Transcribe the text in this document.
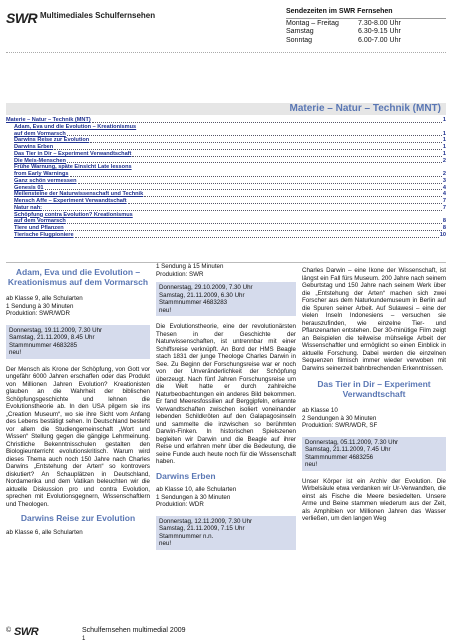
SWR Multimediales Schulfernsehen	Sendezeiten im SWR Fernsehen
Montag – Freitag	7.30-8.00 Uhr
Samstag	6.30-9.15 Uhr
Sonntag	6.00-7.00 Uhr
Materie – Natur – Technik (MNT)
Materie – Natur – Technik (MNT)	1
Adam, Eva und die Evolution – Kreationismus
auf dem Vormarsch	1
Darwins Reise zur Evolution	1
Darwins Erben	1
Das Tier in Dir – Experiment Verwandtschaft	1
Die Meis-Menschen	2
Frühe Warnung, späte Einsicht Late lessons
from Early Warnings	2
Ganz schön vermessen	3
Genesis 01	4
Meilensteine der Naturwissenschaft und Technik	4
Mensch Affe – Experiment Verwandtschaft	7
Natur nah:	7
Schöpfung contra Evolution? Kreationismus
auf dem Vormarsch	8
Tiere und Pflanzen	8
Tierische Flugpioniere	10
Adam, Eva und die Evolution – Kreationismus auf dem Vormarsch

ab Klasse 9, alle Schularten
1 Sendung à 30 Minuten
Produktion: SWR/WDR

Donnerstag, 19.11.2009, 7.30 Uhr
Samstag, 21.11.2009, 8.45 Uhr
Stammnummer 4683285
neu!

Der Mensch als Krone der Schöpfung, von Gott vor ungefähr 6000 Jahren erschaffen oder das Produkt von Millionen Jahren Evolution? Kreationisten glauben an die Wahrheit der biblischen Schöpfungsgeschichte und lehnen die Evolutionstheorie ab. In den USA pilgern sie ins „Creation Museum“, wo sie ihre Sicht vom Anfang des Lebens bestätigt sehen. In Deutschland besteht vor allem die Studiengemeinschaft „Wort und Wissen“ Stellung gegen die gängige Lehrmeinung. Christliche Bekenntnisschulen gestalten den Biologieunterricht evolutionskritisch. Warum wird dieses Thema auch noch 150 Jahre nach Charles Darwins „Entstehung der Arten“ so kontrovers diskutiert? An Schauplätzen in Deutschland, Nordamerika und dem Vatikan beleuchten wir die aktuelle Diskussion pro und contra Evolution, sprechen mit Evolutionsgegnern, Wissenschaftlern und Theologen.

Darwins Reise zur Evolution
ab Klasse 6, alle Schularten

1 Sendung à 15 Minuten
Produktion: SWR

Donnerstag, 29.10.2009, 7.30 Uhr
Samstag, 21.11.2009, 6.30 Uhr
Stammnummer 4683283
neu!

Die Evolutionstheorie, eine der revolutionärsten Thesen in der Geschichte der Naturwissenschaften, ist untrennbar mit einer Schiffsreise verknüpft. An Bord der HMS Beagle stach 1831 der junge Theologe Charles Darwin in See. Zu Beginn der Forschungsreise war er noch von der Unveränderlichkeit der Schöpfung überzeugt. Nach fünf Jahren Forschungsreise um die Welt hatte er durch zahlreiche Naturbeobachtungen ein anderes Bild bekommen. Er fand Meeresfossilien auf Berggipfeln, erkannte Verwandtschaften zwischen isoliert voneinander lebenden Schildkröten auf den Galapagosinseln und sammelte die inzwischen so berühmten Darwin-Finken. In historischen Spielszenen begleiten wir Darwin und die Beagle auf ihrer Reise und erfahren mehr über die Bedeutung, die seine Funde auch heute noch für die Wissenschaft haben.

Darwins Erben

ab Klasse 10, alle Schularten
1 Sendungen à 30 Minuten
Produktion: WDR

Donnerstag, 12.11.2009, 7.30 Uhr
Samstag, 21.11.2009, 7.15 Uhr
Stammnummer n.n.
neu!

Charles Darwin – eine Ikone der Wissenschaft, ist längst ein Fall fürs Museum. 200 Jahre nach seinem Geburtstag und 150 Jahre nach seinem Werk über die „Entstehung der Arten“ machen sich zwei Forscher aus dem Naturkundemuseum in Berlin auf die Spuren seiner Arbeit. Auf Sulawesi – eine der vielen Inseln Indonesiens – versuchen sie herauszufinden, wie einzelne Tier- und Pflanzenarten entstehen. Der 30-minütige Film zeigt an Beispielen die teilweise mühselige Arbeit der Wissenschaftler und ermöglicht so einen Einblick in aktuelle Forschung. Dabei werden die einzelnen Sequenzen filmisch immer wieder verwoben mit Darwins seinerzeit bahnbrechenden Erkenntnissen.

Das Tier in Dir – Experiment Verwandtschaft

ab Klasse 10
2 Sendungen à 30 Minuten
Produktion: SWR/WDR, SF

Donnerstag, 05.11.2009, 7.30 Uhr
Samstag, 21.11.2009, 7.45 Uhr
Stammnummer 4683256
neu!

Unser Körper ist ein Archiv der Evolution. Die Wirbelsäule etwa verdanken wir Ur-Verwandten, die einst als Fische die Meere besiedelten. Unsere Arme und Beine stammen wiederum aus der Zeit, als Amphibien vor Millionen Jahren das Wasser verließen, um den langen Weg

© SWR	Schulfernsehen multimedial 2009
1
